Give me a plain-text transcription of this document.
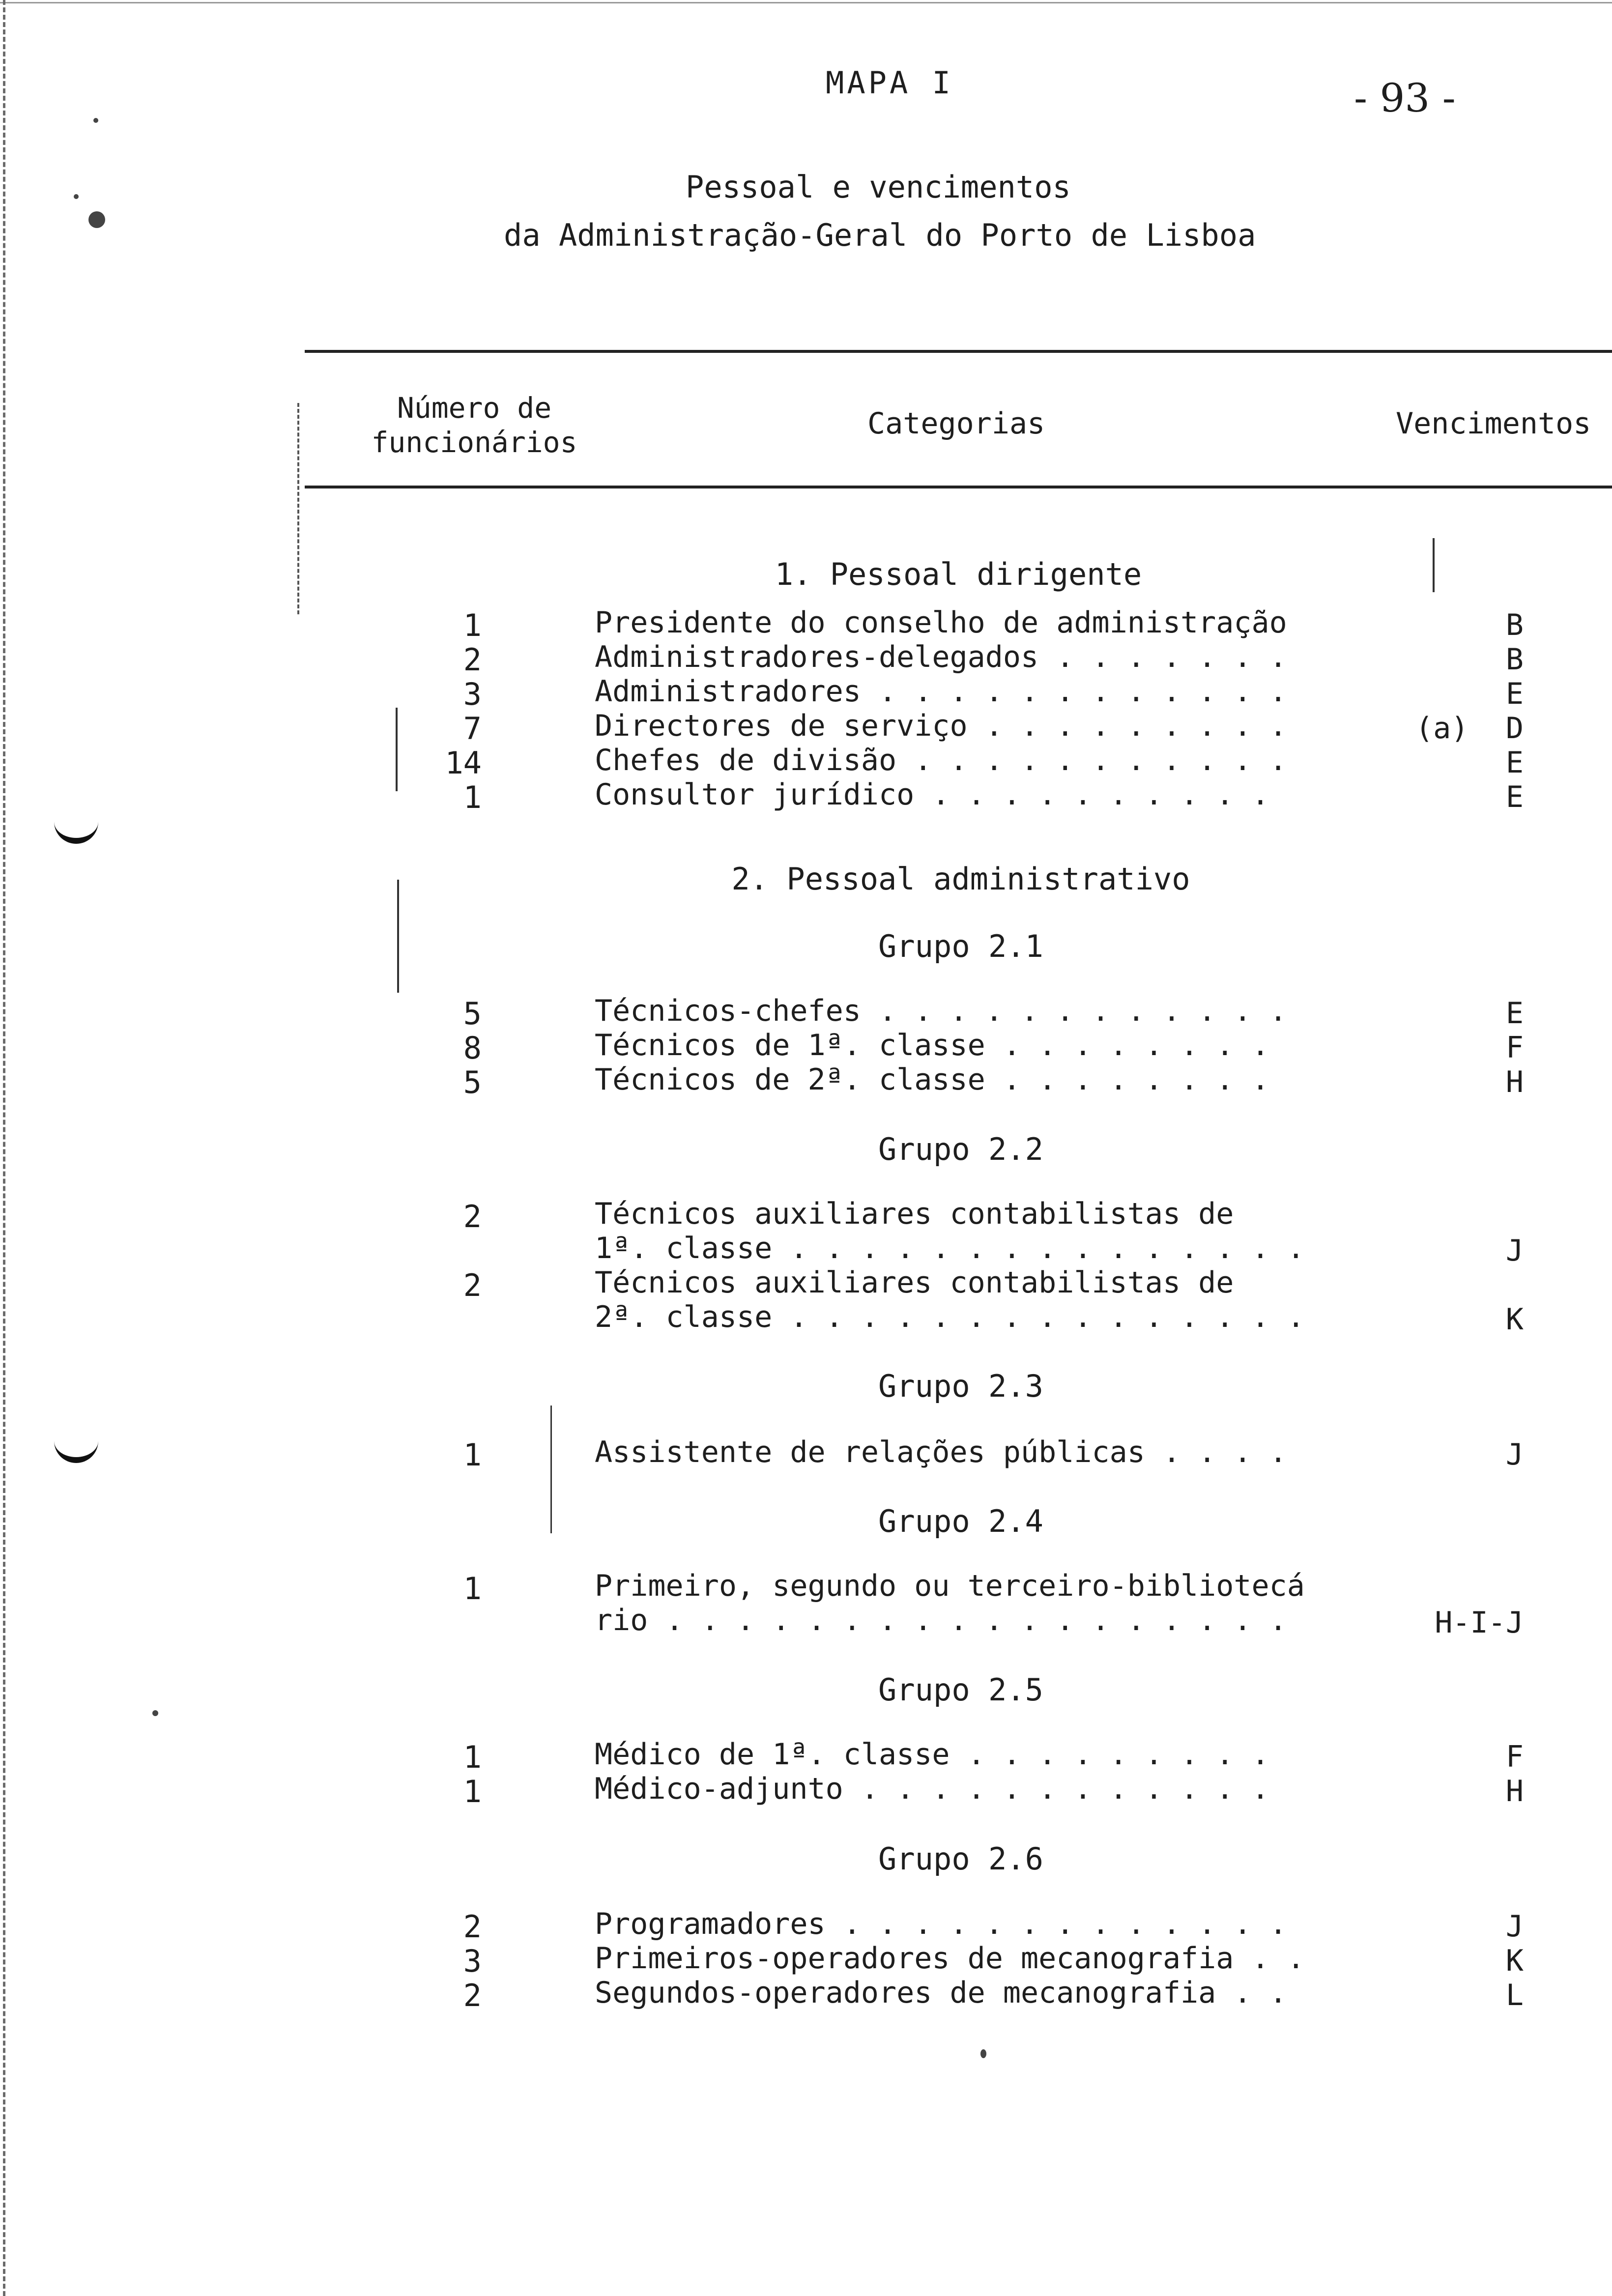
MAPA I	- 93 -
Pessoal e vencimentos
da Administração-Geral do Porto de Lisboa
Número de
funcionários
Categorias	Vencimentos
1. Pessoal dirigente
1	Presidente do conselho de administração	B
2	Administradores-delegados . . . . . . .	B
3	Administradores . . . . . . . . . . . .	E
7	Directores de serviço . . . . . . . . .	(a) D
14	Chefes de divisão . . . . . . . . . . .	E
1	Consultor jurídico . . . . . . . . . .	E
2. Pessoal administrativo
Grupo 2.1
5	Técnicos-chefes . . . . . . . . . . . .	E
8	Técnicos de 1ª. classe . . . . . . . .	F
5	Técnicos de 2ª. classe . . . . . . . .	H
Grupo 2.2
2	Técnicos auxiliares contabilistas de
1ª. classe . . . . . . . . . . . . . . .	J
2	Técnicos auxiliares contabilistas de
2ª. classe . . . . . . . . . . . . . . .	K
Grupo 2.3
1	Assistente de relações públicas . . . .	J
Grupo 2.4
1	Primeiro, segundo ou terceiro-bibliotecá
rio . . . . . . . . . . . . . . . . . .	H-I-J
Grupo 2.5
1	Médico de 1ª. classe . . . . . . . . .	F
1	Médico-adjunto . . . . . . . . . . . .	H
Grupo 2.6
2	Programadores . . . . . . . . . . . . .	J
3	Primeiros-operadores de mecanografia . .	K
2	Segundos-operadores de mecanografia . .	L
